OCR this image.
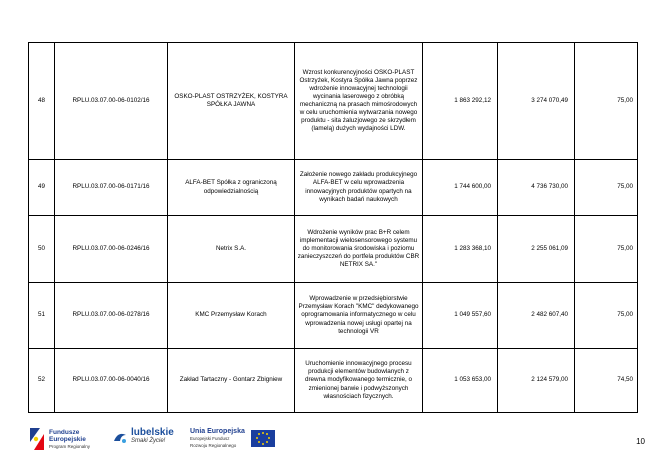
48	RPLU.03.07.00-06-0102/16	OSKO-PLAST OSTRZYŻEK, KOSTYRA SPÓŁKA JAWNA	Wzrost konkurencyjności OSKO-PLAST Ostrzyżek, Kostyra Spółka Jawna poprzez wdrożenie innowacyjnej technologii wycinania laserowego z obróbką mechaniczną na prasach mimośrodowych w celu uruchomienia wytwarzania nowego produktu - sita żaluzjowego ze skrzydłem (lamelą) dużych wydajności LDW.	1 863 292,12	3 274 070,49	75,00
49	RPLU.03.07.00-06-0171/16	ALFA-BET Spółka z ograniczoną odpowiedzialnością	Założenie nowego zakładu produkcyjnego ALFA-BET w celu wprowadzenia innowacyjnych produktów opartych na wynikach badań naukowych	1 744 600,00	4 736 730,00	75,00
50	RPLU.03.07.00-06-0246/16	Netrix S.A.	Wdrożenie wyników prac B+R celem implementacji wielosensorowego systemu do monitorowania środowiska i poziomu zanieczyszczeń do portfela produktów CBR NETRIX SA."	1 283 368,10	2 255 061,09	75,00
51	RPLU.03.07.00-06-0278/16	KMC Przemysław Korach	Wprowadzenie w przedsiębiorstwie Przemysław Korach "KMC" dedykowanego oprogramowania informatycznego w celu wprowadzenia nowej usługi opartej na technologii VR	1 049 557,60	2 482 607,40	75,00
52	RPLU.03.07.00-06-0040/16	Zakład Tartaczny - Gontarz Zbigniew	Uruchomienie innowacyjnego procesu produkcji elementów budowlanych z drewna modyfikowanego termicznie, o zmienionej barwie i podwyższonych własnościach fizycznych.	1 053 653,00	2 124 579,00	74,50
Fundusze
Europejskie
Program Regionalny
lubelskie
Smaki Życie!
Unia Europejska
Europejski Fundusz
Rozwoju Regionalnego	10
